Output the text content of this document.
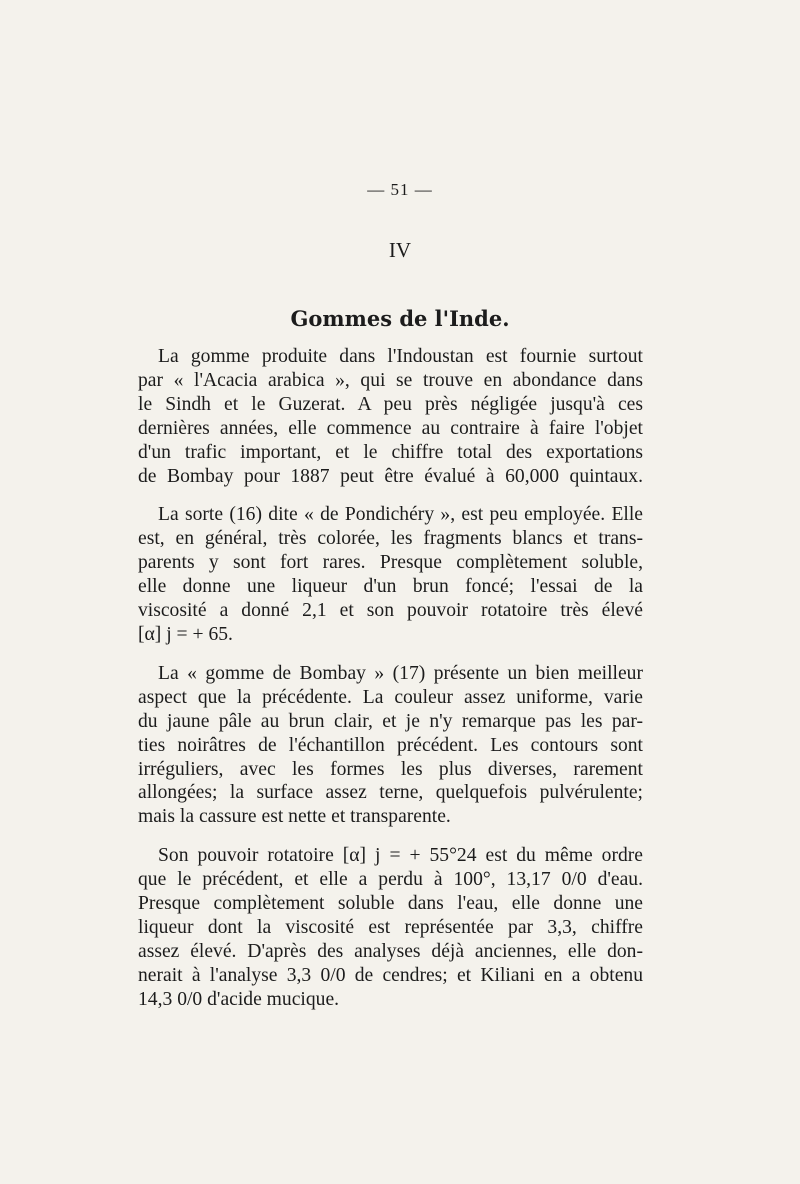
— 51 —
IV
Gommes de l'Inde.

La gomme produite dans l'Indoustan est fournie surtout
par « l'Acacia arabica », qui se trouve en abondance dans
le Sindh et le Guzerat. A peu près négligée jusqu'à ces
dernières années, elle commence au contraire à faire l'objet
d'un trafic important, et le chiffre total des exportations
de Bombay pour 1887 peut être évalué à 60,000 quintaux.

La sorte (16) dite « de Pondichéry », est peu employée. Elle
est, en général, très colorée, les fragments blancs et trans-
parents y sont fort rares. Presque complètement soluble,
elle donne une liqueur d'un brun foncé; l'essai de la
viscosité a donné 2,1 et son pouvoir rotatoire très élevé
[α] j = + 65.

La « gomme de Bombay » (17) présente un bien meilleur
aspect que la précédente. La couleur assez uniforme, varie
du jaune pâle au brun clair, et je n'y remarque pas les par-
ties noirâtres de l'échantillon précédent. Les contours sont
irréguliers, avec les formes les plus diverses, rarement
allongées; la surface assez terne, quelquefois pulvérulente;
mais la cassure est nette et transparente.

Son pouvoir rotatoire [α] j = + 55°24 est du même ordre
que le précédent, et elle a perdu à 100°, 13,17 0/0 d'eau.
Presque complètement soluble dans l'eau, elle donne une
liqueur dont la viscosité est représentée par 3,3, chiffre
assez élevé. D'après des analyses déjà anciennes, elle don-
nerait à l'analyse 3,3 0/0 de cendres; et Kiliani en a obtenu
14,3 0/0 d'acide mucique.
